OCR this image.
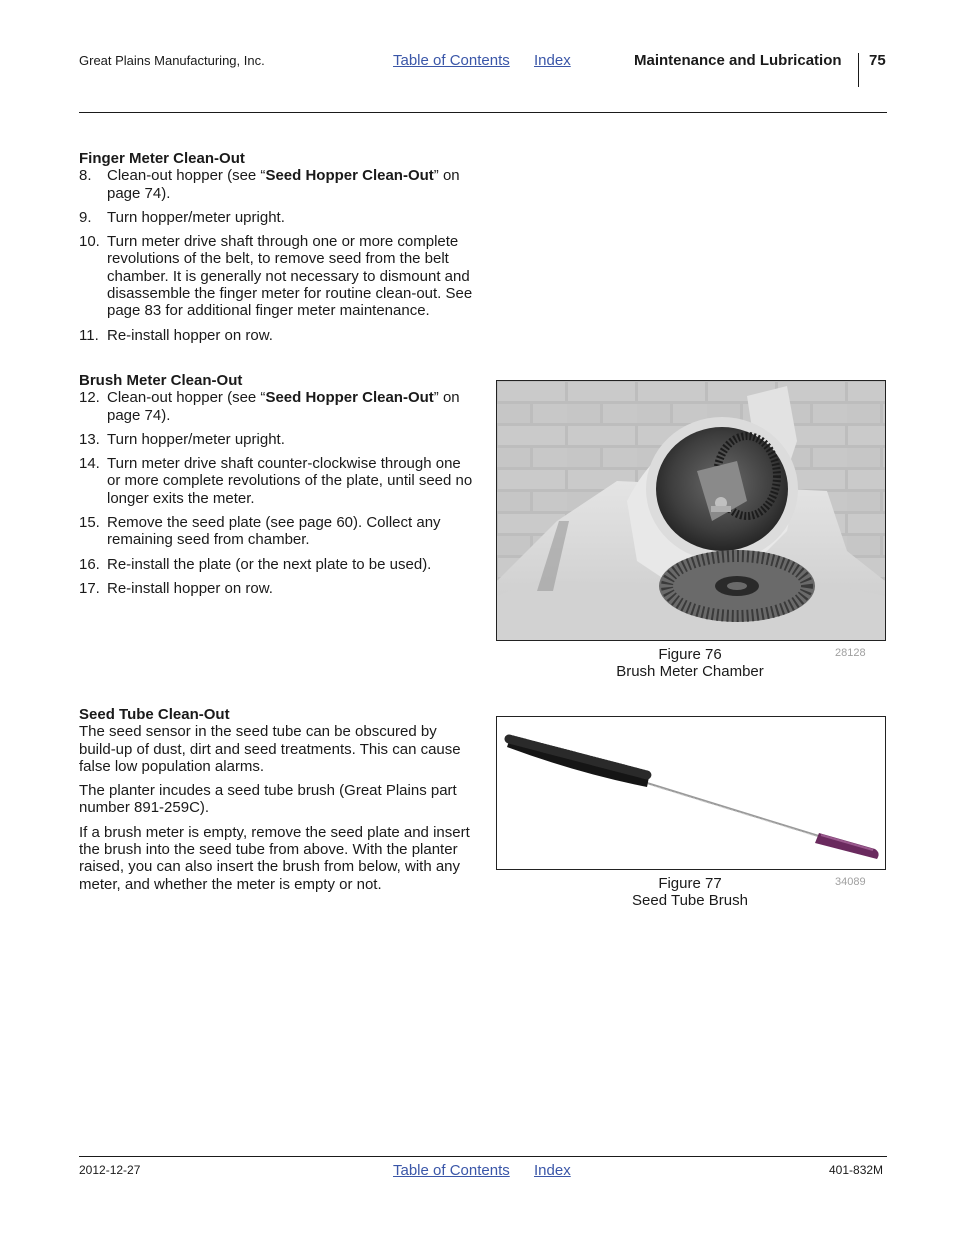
Great Plains Manufacturing, Inc.	Table of Contents Index	Maintenance and Lubrication 75
Finger Meter Clean-Out
8.	Clean-out hopper (see “Seed Hopper Clean-Out” on page 74).
9.	Turn hopper/meter upright.
10. Turn meter drive shaft through one or more complete revolutions of the belt, to remove seed from the belt chamber. It is generally not necessary to dismount and disassemble the finger meter for routine clean-out. See page 83 for additional finger meter maintenance.
11. Re-install hopper on row.
Brush Meter Clean-Out
12. Clean-out hopper (see “Seed Hopper Clean-Out” on page 74).
13. Turn hopper/meter upright.
14. Turn meter drive shaft counter-clockwise through one or more complete revolutions of the plate, until seed no longer exits the meter.
15. Remove the seed plate (see page 60). Collect any remaining seed from chamber.
16. Re-install the plate (or the next plate to be used).
17. Re-install hopper on row.
Seed Tube Clean-Out

The seed sensor in the seed tube can be obscured by build-up of dust, dirt and seed treatments. This can cause false low population alarms.

The planter incudes a seed tube brush (Great Plains part number 891-259C).

If a brush meter is empty, remove the seed plate and insert the brush into the seed tube from above. With the planter raised, you can also insert the brush from below, with any meter, and whether the meter is empty or not.

Figure 76
Brush Meter Chamber
28128
Figure 77
Seed Tube Brush
34089
2012-12-27	Table of Contents Index	401-832M
